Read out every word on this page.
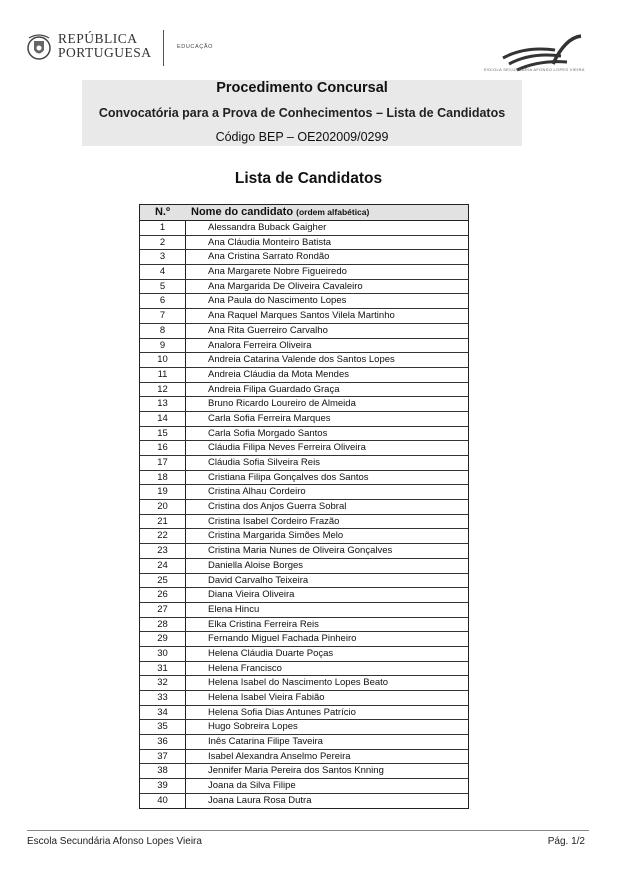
REPÚBLICA
PORTUGUESA	EDUCAÇÃO
ESCOLA SECUNDÁRIA AFONSO LOPES VIEIRA
Procedimento Concursal
Convocatória para a Prova de Conhecimentos – Lista de Candidatos
Código BEP – OE202009/0299
Lista de Candidatos
N.º	Nome do candidato (ordem alfabética)
1	Alessandra Buback Gaigher
2	Ana Cláudia Monteiro Batista
3	Ana Cristina Sarrato Rondão
4	Ana Margarete Nobre Figueiredo
5	Ana Margarida De Oliveira Cavaleiro
6	Ana Paula do Nascimento Lopes
7	Ana Raquel Marques Santos Vilela Martinho
8	Ana Rita Guerreiro Carvalho
9	Analora Ferreira Oliveira
10	Andreia Catarina Valende dos Santos Lopes
11	Andreia Cláudia da Mota Mendes
12	Andreia Filipa Guardado Graça
13	Bruno Ricardo Loureiro de Almeida
14	Carla Sofia Ferreira Marques
15	Carla Sofia Morgado Santos
16	Cláudia Filipa Neves Ferreira Oliveira
17	Cláudia Sofia Silveira Reis
18	Cristiana Filipa Gonçalves dos Santos
19	Cristina Alhau Cordeiro
20	Cristina dos Anjos Guerra Sobral
21	Cristina Isabel Cordeiro Frazão
22	Cristina Margarida Simões Melo
23	Cristina Maria Nunes de Oliveira Gonçalves
24	Daniella Aloise Borges
25	David Carvalho Teixeira
26	Diana Vieira Oliveira
27	Elena Hincu
28	Elka Cristina Ferreira Reis
29	Fernando Miguel Fachada Pinheiro
30	Helena Cláudia Duarte Poças
31	Helena Francisco
32	Helena Isabel do Nascimento Lopes Beato
33	Helena Isabel Vieira Fabião
34	Helena Sofia Dias Antunes Patrício
35	Hugo Sobreira Lopes
36	Inês Catarina Filipe Taveira
37	Isabel Alexandra Anselmo Pereira
38	Jennifer Maria Pereira dos Santos Knning
39	Joana da Silva Filipe
40	Joana Laura Rosa Dutra
Escola Secundária Afonso Lopes Vieira	Pág. 1/2
